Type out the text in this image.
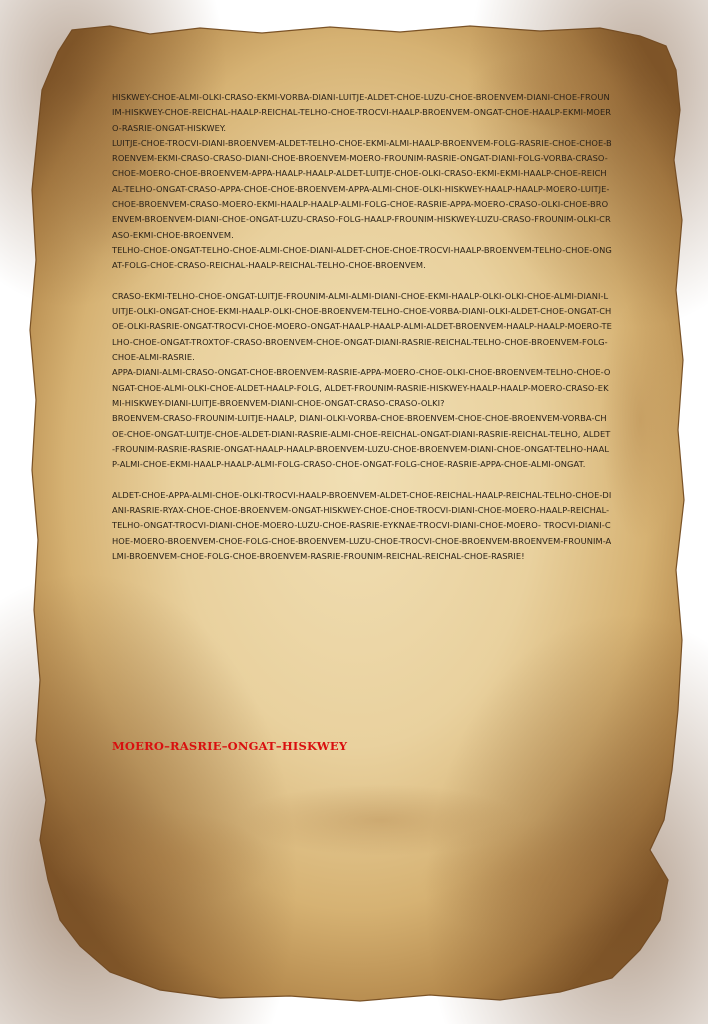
HISKWEY-CHOE-ALMI-OLKI-CRASO-EKMI-VORBA-DIANI-LUITJE-ALDET-CHOE-LUZU-CHOE-BROENVEM-DIANI-CHOE-FROUNIM-HISKWEY-CHOE-REICHAL-HAALP-REICHAL-TELHO-CHOE-TROCVI-HAALP-BROENVEM-ONGAT-CHOE-HAALP-EKMI-MOERO-RASRIE-ONGAT-HISKWEY.

LUITJE-CHOE-TROCVI-DIANI-BROENVEM-ALDET-TELHO-CHOE-EKMI-ALMI-HAALP-BROENVEM-FOLG-RASRIE-CHOE-CHOE-BROENVEM-EKMI-CRASO-CRASO-DIANI-CHOE-BROENVEM-MOERO-FROUNIM-RASRIE-ONGAT-DIANI-FOLG-VORBA-CRASO-CHOE-MOERO-CHOE-BROENVEM-APPA-HAALP-HAALP-ALDET-LUITJE-CHOE-OLKI-CRASO-EKMI-EKMI-HAALP-CHOE-REICHAL-TELHO-ONGAT-CRASO-APPA-CHOE-CHOE-BROENVEM-APPA-ALMI-CHOE-OLKI-HISKWEY-HAALP-HAALP-MOERO-LUITJE-CHOE-BROENVEM-CRASO-MOERO-EKMI-HAALP-HAALP-ALMI-FOLG-CHOE-RASRIE-APPA-MOERO-CRASO-OLKI-CHOE-BROENVEM-BROENVEM-DIANI-CHOE-ONGAT-LUZU-CRASO-FOLG-HAALP-FROUNIM-HISKWEY-LUZU-CRASO-FROUNIM-OLKI-CRASO-EKMI-CHOE-BROENVEM.

TELHO-CHOE-ONGAT-TELHO-CHOE-ALMI-CHOE-DIANI-ALDET-CHOE-CHOE-TROCVI-HAALP-BROENVEM-TELHO-CHOE-ONGAT-FOLG-CHOE-CRASO-REICHAL-HAALP-REICHAL-TELHO-CHOE-BROENVEM.

CRASO-EKMI-TELHO-CHOE-ONGAT-LUITJE-FROUNIM-ALMI-ALMI-DIANI-CHOE-EKMI-HAALP-OLKI-OLKI-CHOE-ALMI-DIANI-LUITJE-OLKI-ONGAT-CHOE-EKMI-HAALP-OLKI-CHOE-BROENVEM-TELHO-CHOE-VORBA-DIANI-OLKI-ALDET-CHOE-ONGAT-CHOE-OLKI-RASRIE-ONGAT-TROCVI-CHOE-MOERO-ONGAT-HAALP-HAALP-ALMI-ALDET-BROENVEM-HAALP-HAALP-MOERO-TELHO-CHOE-ONGAT-TROXTOF-CRASO-BROENVEM-CHOE-ONGAT-DIANI-RASRIE-REICHAL-TELHO-CHOE-BROENVEM-FOLG-CHOE-ALMI-RASRIE.

APPA-DIANI-ALMI-CRASO-ONGAT-CHOE-BROENVEM-RASRIE-APPA-MOERO-CHOE-OLKI-CHOE-BROENVEM-TELHO-CHOE-ONGAT-CHOE-ALMI-OLKI-CHOE-ALDET-HAALP-FOLG, ALDET-FROUNIM-RASRIE-HISKWEY-HAALP-HAALP-MOERO-CRASO-EKMI-HISKWEY-DIANI-LUITJE-BROENVEM-DIANI-CHOE-ONGAT-CRASO-CRASO-OLKI?

BROENVEM-CRASO-FROUNIM-LUITJE-HAALP, DIANI-OLKI-VORBA-CHOE-BROENVEM-CHOE-CHOE-BROENVEM-VORBA-CHOE-CHOE-ONGAT-LUITJE-CHOE-ALDET-DIANI-RASRIE-ALMI-CHOE-REICHAL-ONGAT-DIANI-RASRIE-REICHAL-TELHO, ALDET-FROUNIM-RASRIE-RASRIE-ONGAT-HAALP-HAALP-BROENVEM-LUZU-CHOE-BROENVEM-DIANI-CHOE-ONGAT-TELHO-HAALP-ALMI-CHOE-EKMI-HAALP-HAALP-ALMI-FOLG-CRASO-CHOE-ONGAT-FOLG-CHOE-RASRIE-APPA-CHOE-ALMI-ONGAT.

ALDET-CHOE-APPA-ALMI-CHOE-OLKI-TROCVI-HAALP-BROENVEM-ALDET-CHOE-REICHAL-HAALP-REICHAL-TELHO-CHOE-DIANI-RASRIE-RYAX-CHOE-CHOE-BROENVEM-ONGAT-HISKWEY-CHOE-CHOE-TROCVI-DIANI-CHOE-MOERO-HAALP-REICHAL-TELHO-ONGAT-TROCVI-DIANI-CHOE-MOERO-LUZU-CHOE-RASRIE-EYKNAE-TROCVI-DIANI-CHOE-MOERO- TROCVI-DIANI-CHOE-MOERO-BROENVEM-CHOE-FOLG-CHOE-BROENVEM-LUZU-CHOE-TROCVI-CHOE-BROENVEM-BROENVEM-FROUNIM-ALMI-BROENVEM-CHOE-FOLG-CHOE-BROENVEM-RASRIE-FROUNIM-REICHAL-REICHAL-CHOE-RASRIE!

MOERO–RASRIE–ONGAT–HISKWEY
